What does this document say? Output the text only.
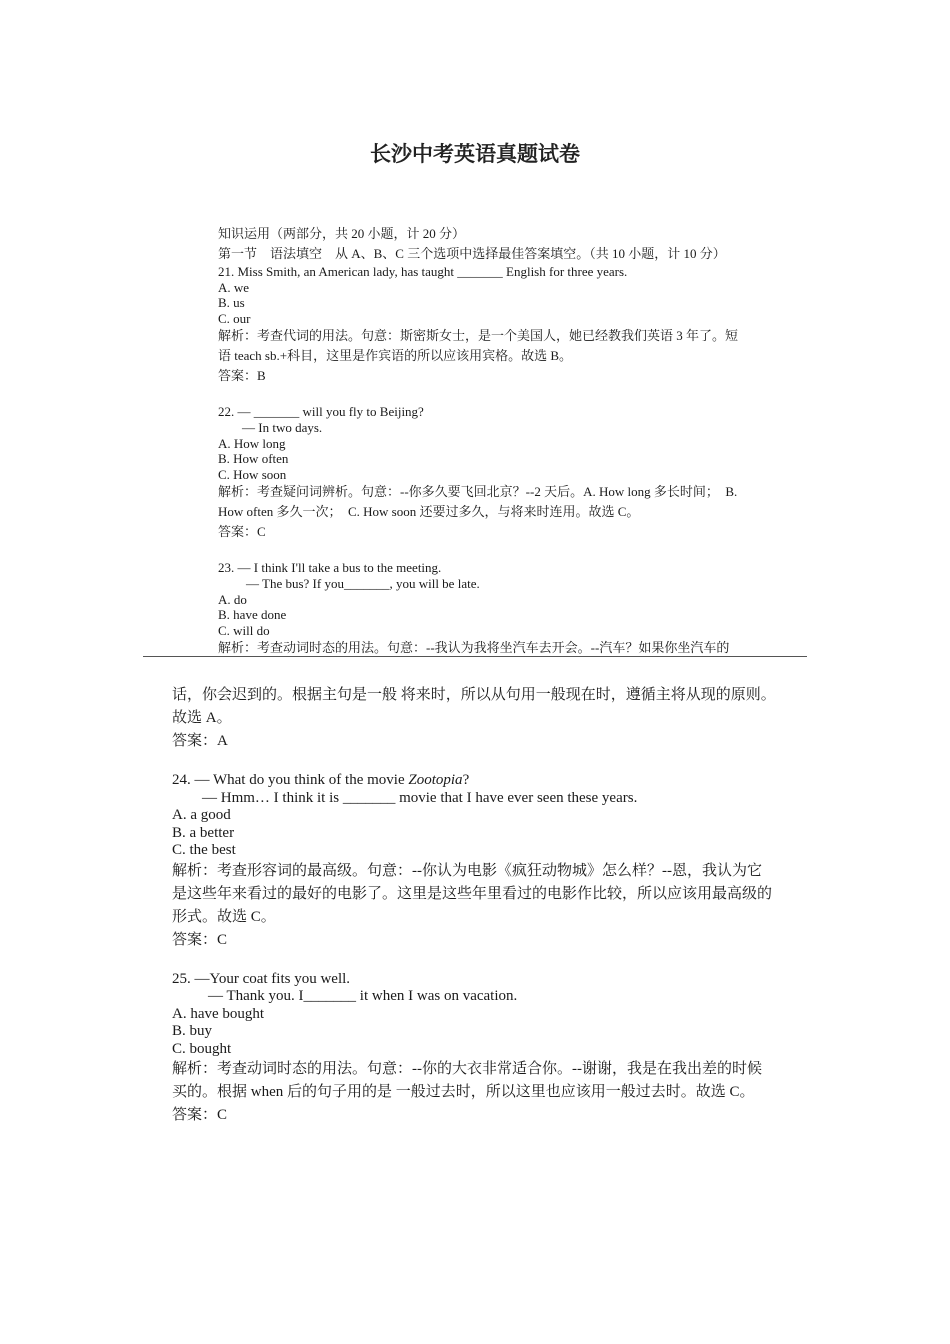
长沙中考英语真题试卷
知识运用（两部分，共 20 小题，计 20 分）
第一节　语法填空　从 A、B、C 三个选项中选择最佳答案填空。（共 10 小题，计 10 分）
21. Miss Smith, an American lady, has taught _______ English for three years.
A. we
B. us
C. our
解析：考查代词的用法。句意：斯密斯女士，是一个美国人，她已经教我们英语 3 年了。短
语 teach sb.+科目，这里是作宾语的所以应该用宾格。故选 B。
答案：B
22. — _______ will you fly to Beijing?
— In two days.
A. How long
B. How often
C. How soon
解析：考查疑问词辨析。句意：--你多久要飞回北京？--2 天后。A. How long 多长时间；　B.
How often 多久一次；　C. How soon 还要过多久，与将来时连用。故选 C。
答案：C
23. — I think I'll take a bus to the meeting.
— The bus? If you_______, you will be late.
A. do
B. have done
C. will do
解析：考查动词时态的用法。句意：--我认为我将坐汽车去开会。--汽车？如果你坐汽车的
话，你会迟到的。根据主句是一般 将来时，所以从句用一般现在时，遵循主将从现的原则。
故选 A。
答案：A
24. — What do you think of the movie Zootopia?
— Hmm… I think it is _______ movie that I have ever seen these years.
A. a good
B. a better
C. the best
解析：考查形容词的最高级。句意：--你认为电影《疯狂动物城》怎么样？--恩，我认为它
是这些年来看过的最好的电影了。这里是这些年里看过的电影作比较，所以应该用最高级的
形式。故选 C。
答案：C
25. —Your coat fits you well.
— Thank you. I_______ it when I was on vacation.
A. have bought
B. buy
C. bought
解析：考查动词时态的用法。句意：--你的大衣非常适合你。--谢谢，我是在我出差的时候
买的。根据 when 后的句子用的是 一般过去时，所以这里也应该用一般过去时。故选 C。
答案：C
